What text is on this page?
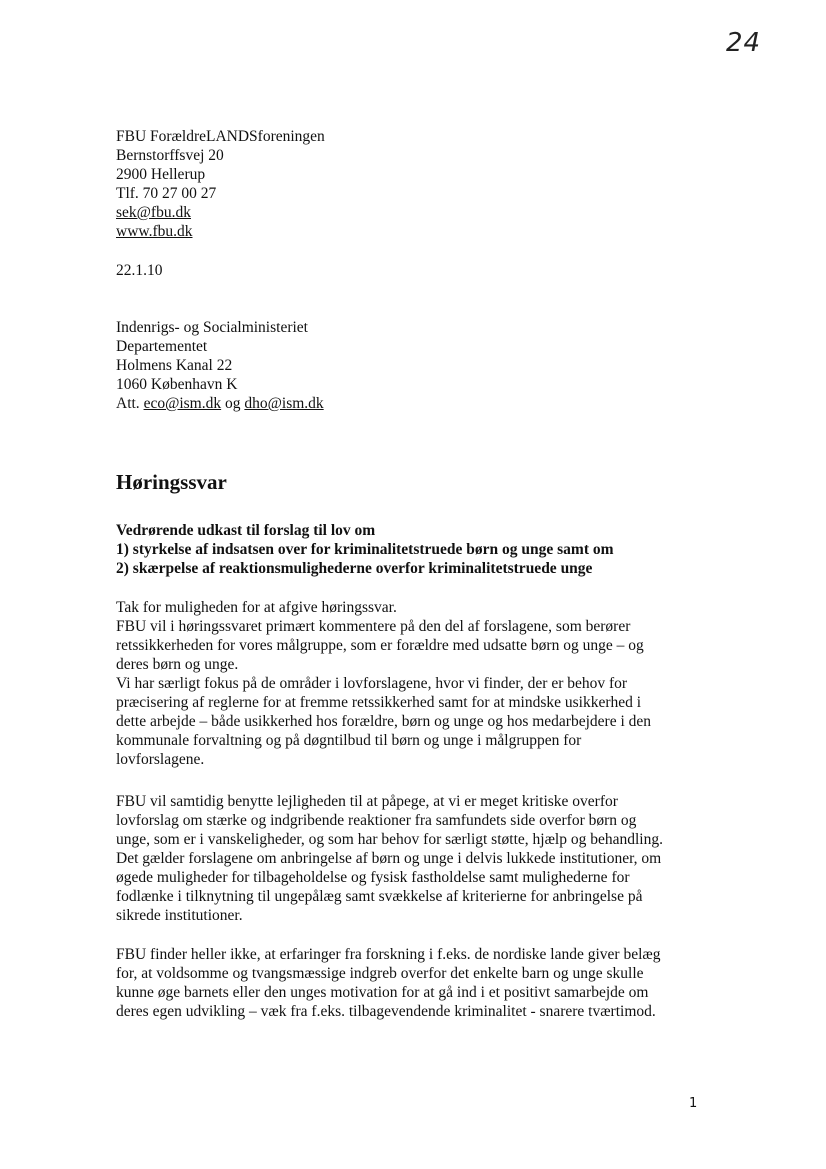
24
FBU ForældreLANDSforeningen
Bernstorffsvej 20
2900 Hellerup
Tlf. 70 27 00 27
sek@fbu.dk
www.fbu.dk
22.1.10
Indenrigs- og Socialministeriet
Departementet
Holmens Kanal 22
1060 København K
Att. eco@ism.dk og dho@ism.dk
Høringssvar
Vedrørende udkast til forslag til lov om
1) styrkelse af indsatsen over for kriminalitetstruede børn og unge samt om
2) skærpelse af reaktionsmulighederne overfor kriminalitetstruede unge
Tak for muligheden for at afgive høringssvar.
FBU vil i høringssvaret primært kommentere på den del af forslagene, som berører
retssikkerheden for vores målgruppe, som er forældre med udsatte børn og unge – og
deres børn og unge.
Vi har særligt fokus på de områder i lovforslagene, hvor vi finder, der er behov for
præcisering af reglerne for at fremme retssikkerhed samt for at mindske usikkerhed i
dette arbejde – både usikkerhed hos forældre, børn og unge og hos medarbejdere i den
kommunale forvaltning og på døgntilbud til børn og unge i målgruppen for
lovforslagene.
FBU vil samtidig benytte lejligheden til at påpege, at vi er meget kritiske overfor
lovforslag om stærke og indgribende reaktioner fra samfundets side overfor børn og
unge, som er i vanskeligheder, og som har behov for særligt støtte, hjælp og behandling.
Det gælder forslagene om anbringelse af børn og unge i delvis lukkede institutioner, om
øgede muligheder for tilbageholdelse og fysisk fastholdelse samt mulighederne for
fodlænke i tilknytning til ungepålæg samt svækkelse af kriterierne for anbringelse på
sikrede institutioner.
FBU finder heller ikke, at erfaringer fra forskning i f.eks. de nordiske lande giver belæg
for, at voldsomme og tvangsmæssige indgreb overfor det enkelte barn og unge skulle
kunne øge barnets eller den unges motivation for at gå ind i et positivt samarbejde om
deres egen udvikling – væk fra f.eks. tilbagevendende kriminalitet - snarere tværtimod.
1
